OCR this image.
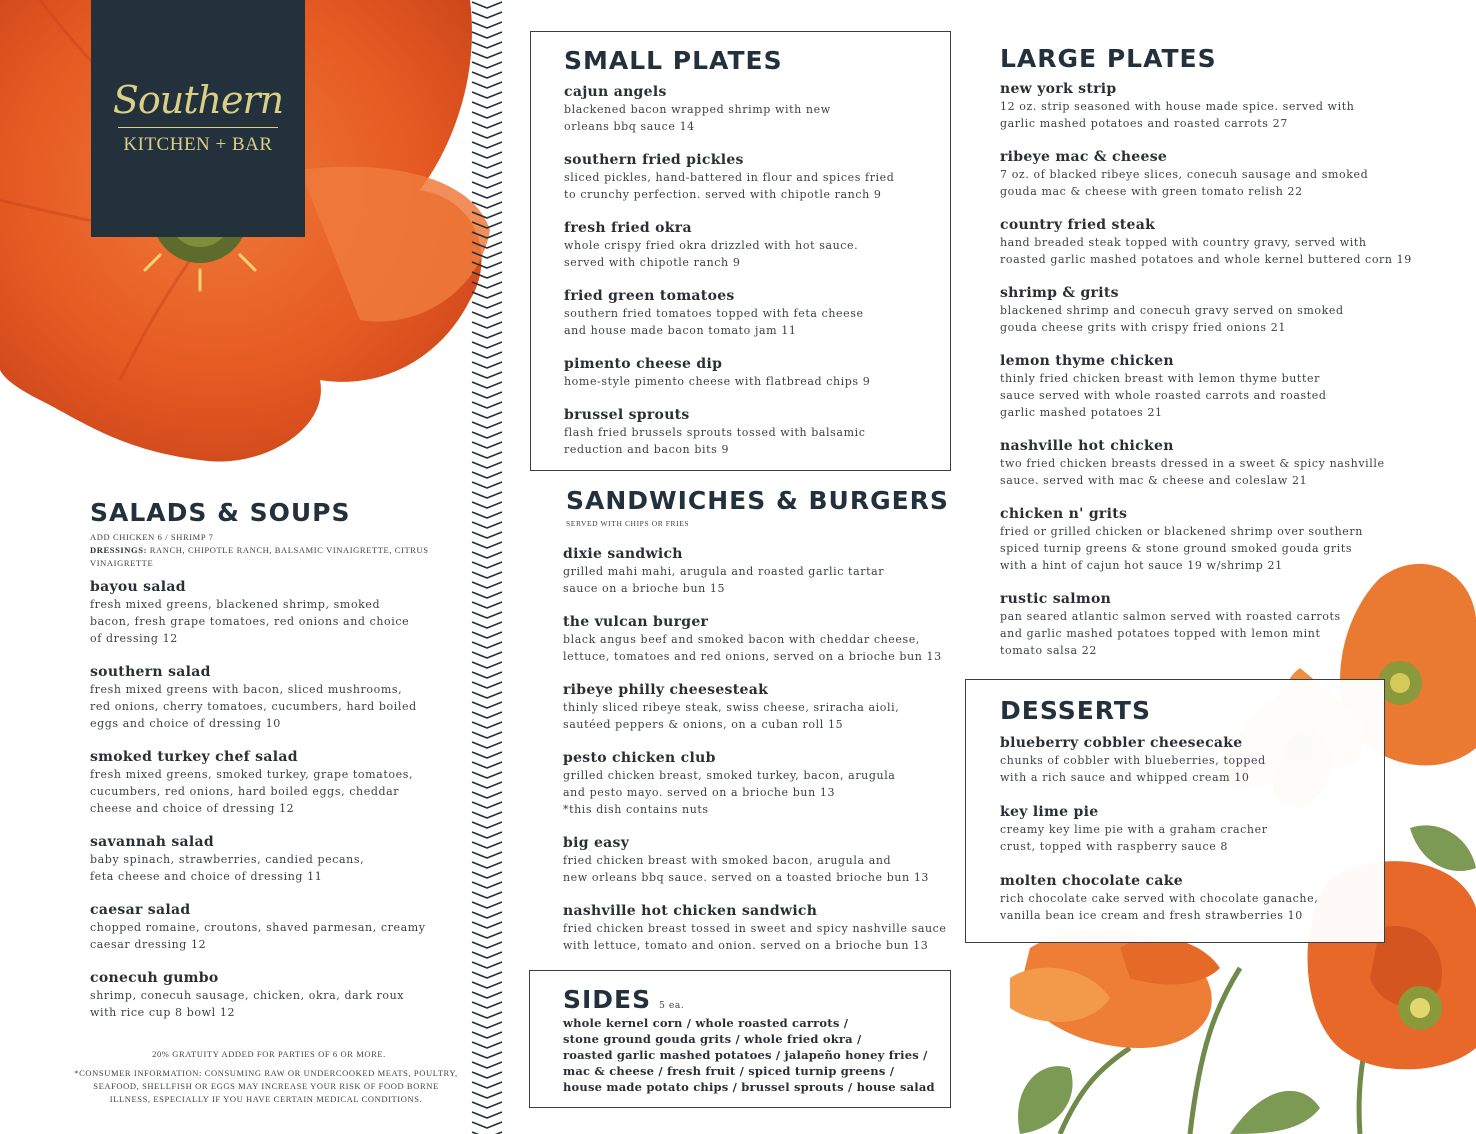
Southern
KITCHEN + BAR
SALADS & SOUPS
ADD CHICKEN 6 / SHRIMP 7
DRESSINGS: RANCH, CHIPOTLE RANCH, BALSAMIC VINAIGRETTE, CITRUS VINAIGRETTE
bayou salad
fresh mixed greens, blackened shrimp, smoked
bacon, fresh grape tomatoes, red onions and choice
of dressing 12
southern salad
fresh mixed greens with bacon, sliced mushrooms,
red onions, cherry tomatoes, cucumbers, hard boiled
eggs and choice of dressing 10
smoked turkey chef salad
fresh mixed greens, smoked turkey, grape tomatoes,
cucumbers, red onions, hard boiled eggs, cheddar
cheese and choice of dressing 12
savannah salad
baby spinach, strawberries, candied pecans,
feta cheese and choice of dressing 11
caesar salad
chopped romaine, croutons, shaved parmesan, creamy
caesar dressing 12
conecuh gumbo
shrimp, conecuh sausage, chicken, okra, dark roux
with rice cup 8 bowl 12
20% GRATUITY ADDED FOR PARTIES OF 6 OR MORE.
*CONSUMER INFORMATION: CONSUMING RAW OR UNDERCOOKED MEATS, POULTRY, SEAFOOD, SHELLFISH OR EGGS MAY INCREASE YOUR RISK OF FOOD BORNE ILLNESS, ESPECIALLY IF YOU HAVE CERTAIN MEDICAL CONDITIONS.
SMALL PLATES
cajun angels
blackened bacon wrapped shrimp with new
orleans bbq sauce 14
southern fried pickles
sliced pickles, hand-battered in flour and spices fried
to crunchy perfection. served with chipotle ranch 9
fresh fried okra
whole crispy fried okra drizzled with hot sauce.
served with chipotle ranch 9
fried green tomatoes
southern fried tomatoes topped with feta cheese
and house made bacon tomato jam 11
pimento cheese dip
home-style pimento cheese with flatbread chips 9
brussel sprouts
flash fried brussels sprouts tossed with balsamic
reduction and bacon bits 9
SANDWICHES & BURGERS
SERVED WITH CHIPS OR FRIES
dixie sandwich
grilled mahi mahi, arugula and roasted garlic tartar
sauce on a brioche bun 15
the vulcan burger
black angus beef and smoked bacon with cheddar cheese,
lettuce, tomatoes and red onions, served on a brioche bun 13
ribeye philly cheesesteak
thinly sliced ribeye steak, swiss cheese, sriracha aioli,
sautéed peppers & onions, on a cuban roll 15
pesto chicken club
grilled chicken breast, smoked turkey, bacon, arugula
and pesto mayo. served on a brioche bun 13
*this dish contains nuts
big easy
fried chicken breast with smoked bacon, arugula and
new orleans bbq sauce. served on a toasted brioche bun 13
nashville hot chicken sandwich
fried chicken breast tossed in sweet and spicy nashville sauce
with lettuce, tomato and onion. served on a brioche bun 13
SIDES 5 ea.
whole kernel corn / whole roasted carrots /
stone ground gouda grits / whole fried okra /
roasted garlic mashed potatoes / jalapeño honey fries /
mac & cheese / fresh fruit / spiced turnip greens /
house made potato chips / brussel sprouts / house salad
LARGE PLATES
new york strip
12 oz. strip seasoned with house made spice. served with
garlic mashed potatoes and roasted carrots 27
ribeye mac & cheese
7 oz. of blacked ribeye slices, conecuh sausage and smoked
gouda mac & cheese with green tomato relish 22
country fried steak
hand breaded steak topped with country gravy, served with
roasted garlic mashed potatoes and whole kernel buttered corn 19
shrimp & grits
blackened shrimp and conecuh gravy served on smoked
gouda cheese grits with crispy fried onions 21
lemon thyme chicken
thinly fried chicken breast with lemon thyme butter
sauce served with whole roasted carrots and roasted
garlic mashed potatoes 21
nashville hot chicken
two fried chicken breasts dressed in a sweet & spicy nashville
sauce. served with mac & cheese and coleslaw 21
chicken n' grits
fried or grilled chicken or blackened shrimp over southern
spiced turnip greens & stone ground smoked gouda grits
with a hint of cajun hot sauce 19 w/shrimp 21
rustic salmon
pan seared atlantic salmon served with roasted carrots
and garlic mashed potatoes topped with lemon mint
tomato salsa 22
DESSERTS
blueberry cobbler cheesecake
chunks of cobbler with blueberries, topped
with a rich sauce and whipped cream 10
key lime pie
creamy key lime pie with a graham cracher
crust, topped with raspberry sauce 8
molten chocolate cake
rich chocolate cake served with chocolate ganache,
vanilla bean ice cream and fresh strawberries 10
